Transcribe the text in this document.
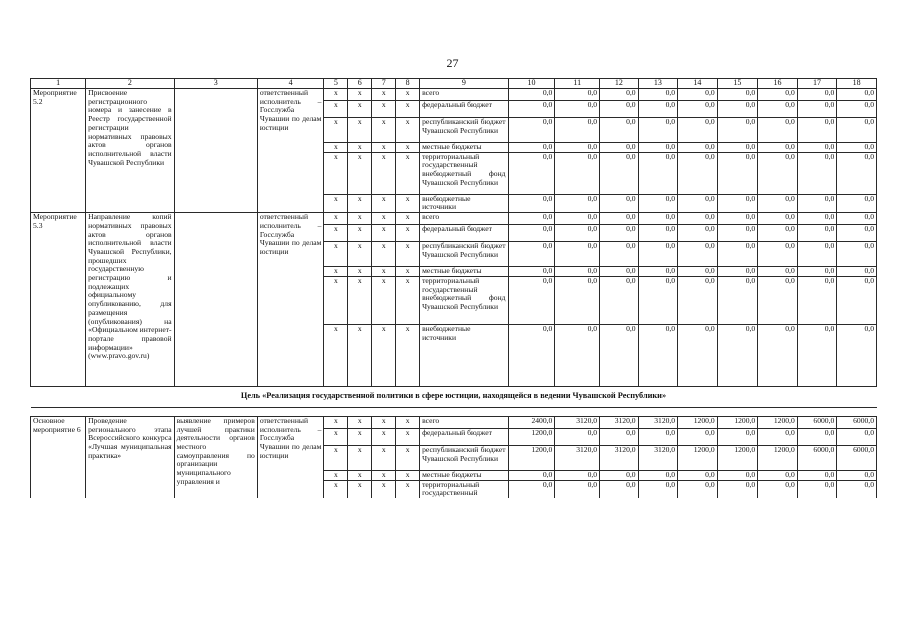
27
1	2	3	4	5	6	7	8	9	10	11	12	13	14	15	16	17	18
Мероприятие 5.2	Присвоение регистрационного номера и занесение в Реестр государственной регистрации нормативных правовых актов органов исполнительной власти Чувашской Республики		ответственный исполнитель – Госслужба Чувашии по делам юстиции	x	x	x	x	всего	0,0	0,0	0,0	0,0	0,0	0,0	0,0	0,0	0,0
				x	x	x	x	федеральный бюджет	0,0	0,0	0,0	0,0	0,0	0,0	0,0	0,0	0,0
				x	x	x	x	республиканский бюджет Чувашской Республики	0,0	0,0	0,0	0,0	0,0	0,0	0,0	0,0	0,0
				x	x	x	x	местные бюджеты	0,0	0,0	0,0	0,0	0,0	0,0	0,0	0,0	0,0
				x	x	x	x	территориальный государственный внебюджетный фонд Чувашской Республики	0,0	0,0	0,0	0,0	0,0	0,0	0,0	0,0	0,0
				x	x	x	x	внебюджетные источники	0,0	0,0	0,0	0,0	0,0	0,0	0,0	0,0	0,0
Мероприятие 5.3	Направление копий нормативных правовых актов органов исполнительной власти Чувашской Республики, прошедших государственную регистрацию и подлежащих официальному опубликованию, для размещения (опубликования) на «Официальном интернет-портале правовой информации» (www.pravo.gov.ru)		ответственный исполнитель – Госслужба Чувашии по делам юстиции	x	x	x	x	всего	0,0	0,0	0,0	0,0	0,0	0,0	0,0	0,0	0,0
				x	x	x	x	федеральный бюджет	0,0	0,0	0,0	0,0	0,0	0,0	0,0	0,0	0,0
				x	x	x	x	республиканский бюджет Чувашской Республики	0,0	0,0	0,0	0,0	0,0	0,0	0,0	0,0	0,0
				x	x	x	x	местные бюджеты	0,0	0,0	0,0	0,0	0,0	0,0	0,0	0,0	0,0
				x	x	x	x	территориальный государственный внебюджетный фонд Чувашской Республики	0,0	0,0	0,0	0,0	0,0	0,0	0,0	0,0	0,0
				x	x	x	x	внебюджетные источники	0,0	0,0	0,0	0,0	0,0	0,0	0,0	0,0	0,0
Цель «Реализация государственной политики в сфере юстиции, находящейся в ведении Чувашской Республики»																	

Основное мероприятие 6	Проведение регионального этапа Всероссийского конкурса «Лучшая муниципальная практика»	выявление примеров лучшей практики деятельности органов местного самоуправления по организации муниципального управления и	ответственный исполнитель – Госслужба Чувашии по делам юстиции	x	x	x	x	всего	2400,0	3120,0	3120,0	3120,0	1200,0	1200,0	1200,0	6000,0	6000,0
				x	x	x	x	федеральный бюджет	1200,0	0,0	0,0	0,0	0,0	0,0	0,0	0,0	0,0
				x	x	x	x	республиканский бюджет Чувашской Республики	1200,0	3120,0	3120,0	3120,0	1200,0	1200,0	1200,0	6000,0	6000,0
				x	x	x	x	местные бюджеты	0,0	0,0	0,0	0,0	0,0	0,0	0,0	0,0	0,0
				x	x	x	x	территориальный государственный	0,0	0,0	0,0	0,0	0,0	0,0	0,0	0,0	0,0
